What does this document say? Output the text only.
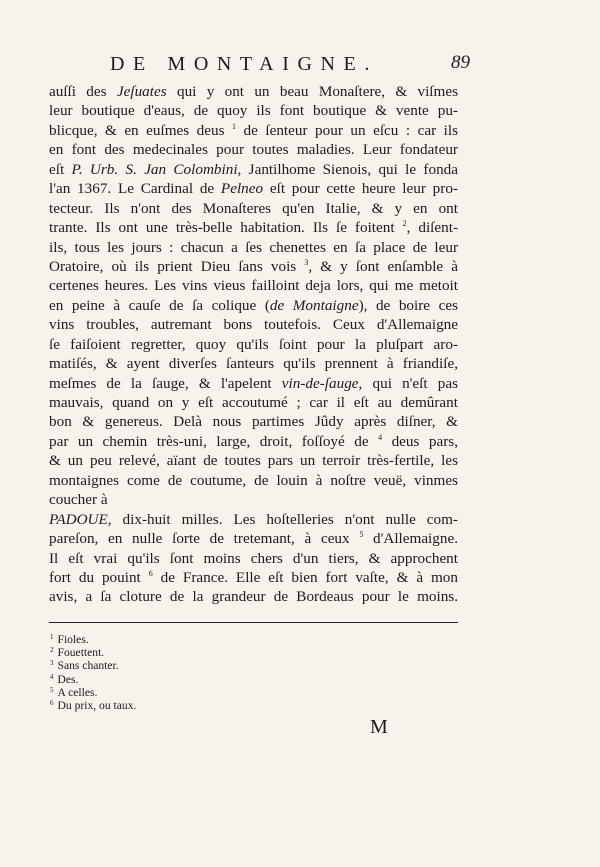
DE MONTAIGNE.	89
auſſi des Jeſuates qui y ont un beau Monaſtere, & viſmes
leur boutique d'eaus, de quoy ils font boutique & vente pu-
blicque, & en euſmes deus $^1$ de ſenteur pour un eſcu : car ils
en font des medecinales pour toutes maladies. Leur fondateur
eſt P. Urb. S. Jan Colombini, Jantilhome Sienois, qui le fonda
l'an 1367. Le Cardinal de Pelneo eſt pour cette heure leur pro-
tecteur. Ils n'ont des Monaſteres qu'en Italie, & y en ont
trante. Ils ont une très-belle habitation. Ils ſe foitent $^2$, diſent-
ils, tous les jours : chacun a ſes chenettes en ſa place de leur
Oratoire, où ils prient Dieu ſans vois $^3$, & y ſont enſamble à
certenes heures. Les vins vieus failloint deja lors, qui me metoit
en peine à cauſe de ſa colique (de Montaigne), de boire ces
vins troubles, autremant bons toutefois. Ceux d'Allemaigne
ſe faiſoient regretter, quoy qu'ils ſoint pour la pluſpart aro-
matiſés, & ayent diverſes ſanteurs qu'ils prennent à friandiſe,
meſmes de la ſauge, & l'apelent vin-de-ſauge, qui n'eſt pas
mauvais, quand on y eſt accoutumé ; car il eſt au demûrant
bon & genereus. Delà nous partimes Jûdy après diſner, &
par un chemin très-uni, large, droit, foſſoyé de $^4$ deus pars,
& un peu relevé, aïant de toutes pars un terroir très-fertile, les
montaignes come de coutume, de louin à noſtre veuë, vinmes
coucher à
PADOUE, dix-huit milles. Les hoſtelleries n'ont nulle com-
pareſon, en nulle ſorte de tretemant, à ceux $^5$ d'Allemaigne.
Il eſt vrai qu'ils ſont moins chers d'un tiers, & approchent
fort du pouint $^6$ de France. Elle eſt bien fort vaſte, & à mon
avis, a ſa cloture de la grandeur de Bordeaus pour le moins.
$^1$ Fioles.
$^2$ Fouettent.
$^3$ Sans chanter.
$^4$ Des.
$^5$ A celles.
$^6$ Du prix, ou taux.
M
